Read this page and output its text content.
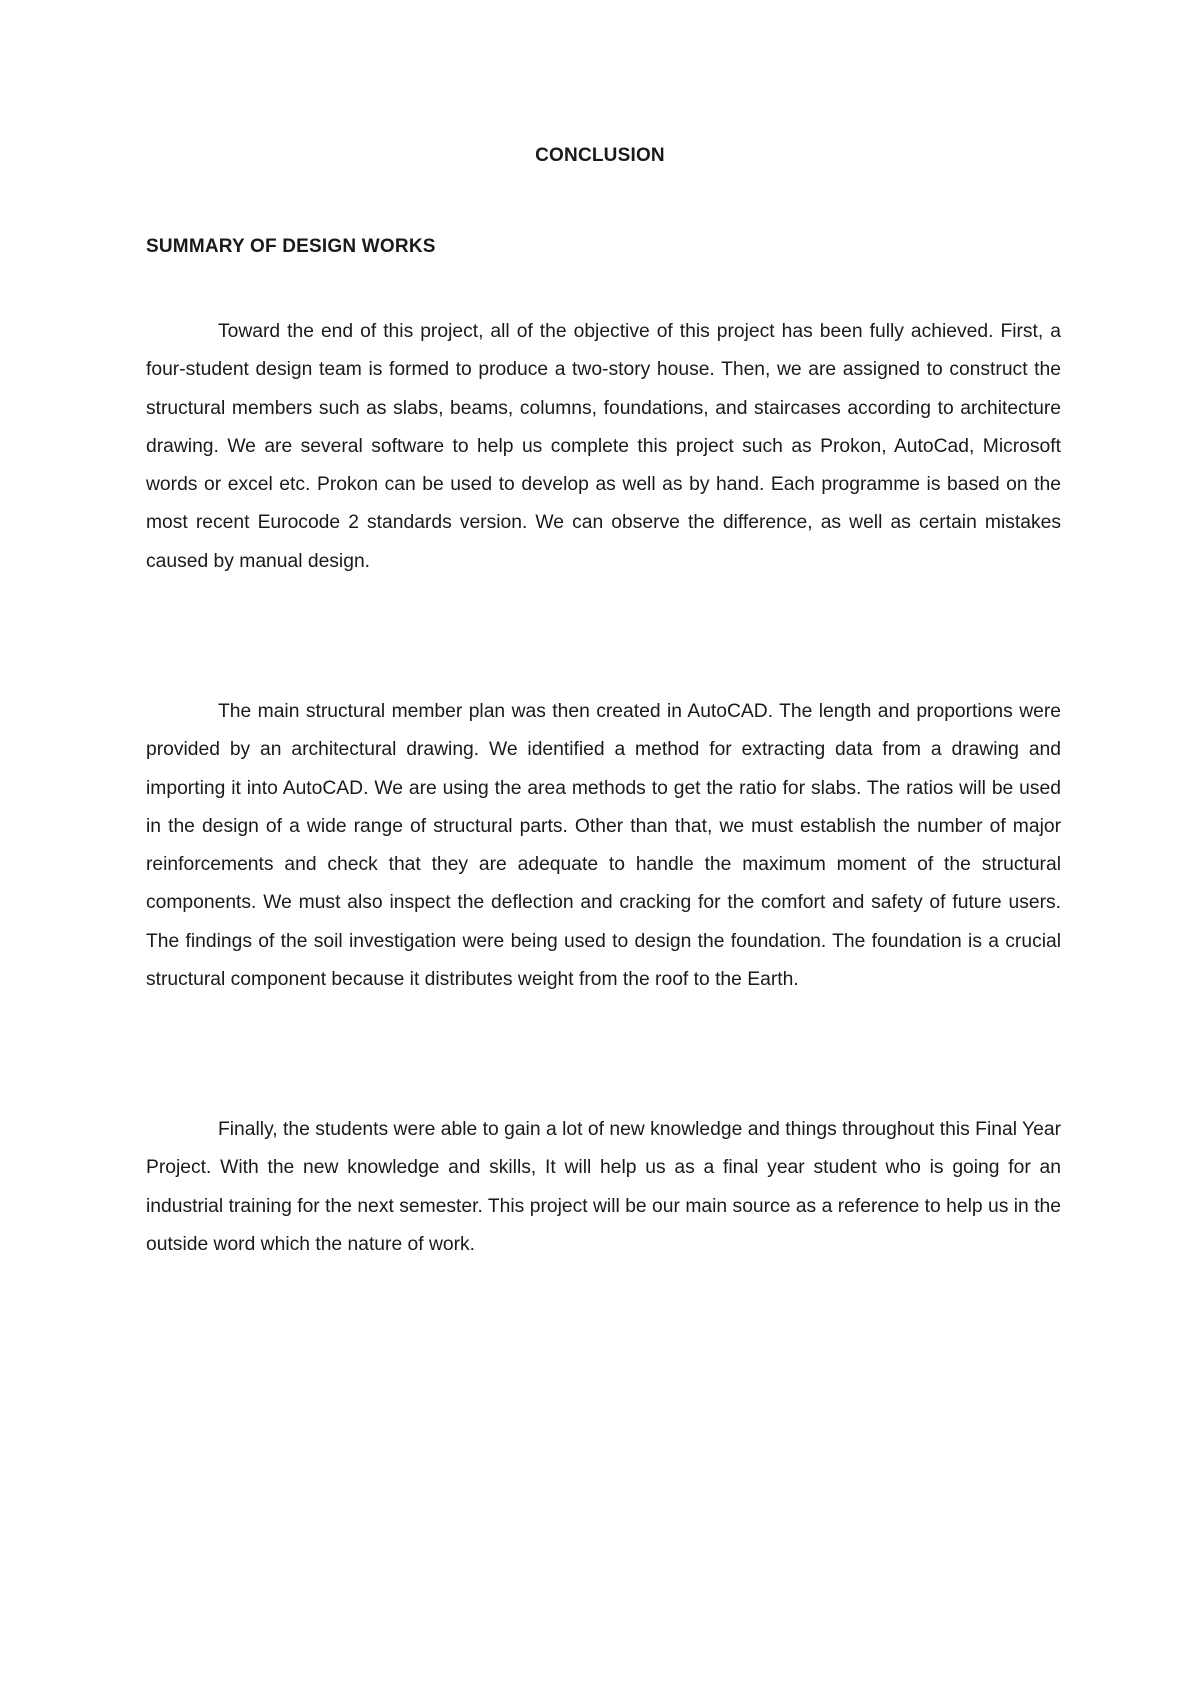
CONCLUSION
SUMMARY OF DESIGN WORKS

Toward the end of this project, all of the objective of this project has been fully achieved. First, a four-student design team is formed to produce a two-story house. Then, we are assigned to construct the structural members such as slabs, beams, columns, foundations, and staircases according to architecture drawing. We are several software to help us complete this project such as Prokon, AutoCad, Microsoft words or excel etc. Prokon can be used to develop as well as by hand. Each programme is based on the most recent Eurocode 2 standards version. We can observe the difference, as well as certain mistakes caused by manual design.

The main structural member plan was then created in AutoCAD. The length and proportions were provided by an architectural drawing. We identified a method for extracting data from a drawing and importing it into AutoCAD. We are using the area methods to get the ratio for slabs. The ratios will be used in the design of a wide range of structural parts. Other than that, we must establish the number of major reinforcements and check that they are adequate to handle the maximum moment of the structural components. We must also inspect the deflection and cracking for the comfort and safety of future users. The findings of the soil investigation were being used to design the foundation. The foundation is a crucial structural component because it distributes weight from the roof to the Earth.

Finally, the students were able to gain a lot of new knowledge and things throughout this Final Year Project. With the new knowledge and skills, It will help us as a final year student who is going for an industrial training for the next semester. This project will be our main source as a reference to help us in the outside word which the nature of work.
